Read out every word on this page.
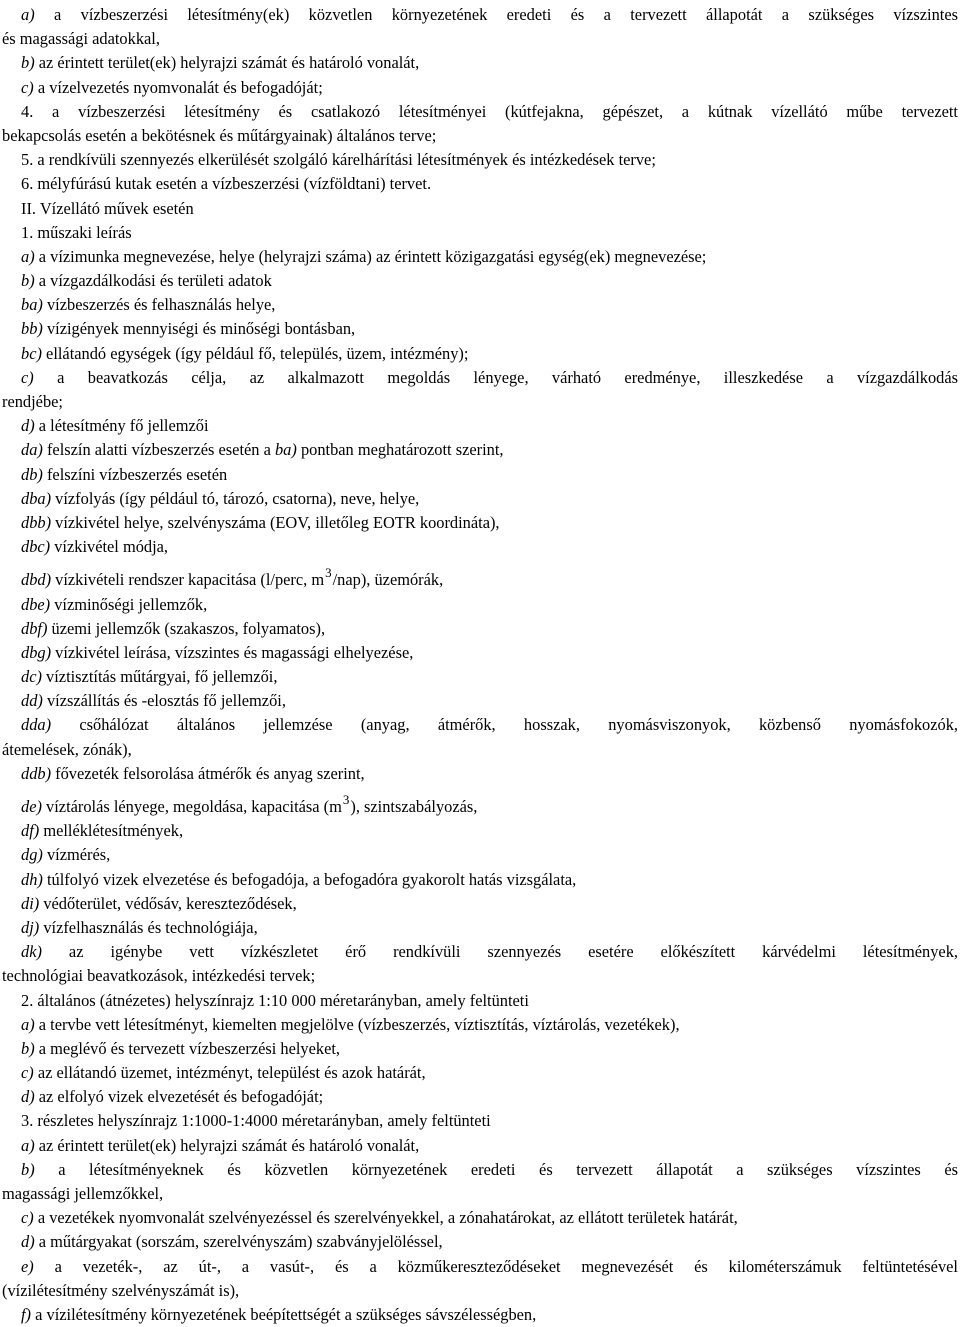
a) a vízbeszerzési létesítmény(ek) közvetlen környezetének eredeti és a tervezett állapotát a szükséges vízszintes
és magassági adatokkal,
b) az érintett terület(ek) helyrajzi számát és határoló vonalát,
c) a vízelvezetés nyomvonalát és befogadóját;
4. a vízbeszerzési létesítmény és csatlakozó létesítményei (kútfejakna, gépészet, a kútnak vízellátó műbe tervezett
bekapcsolás esetén a bekötésnek és műtárgyainak) általános terve;
5. a rendkívüli szennyezés elkerülését szolgáló kárelhárítási létesítmények és intézkedések terve;
6. mélyfúrású kutak esetén a vízbeszerzési (vízföldtani) tervet.
II. Vízellátó művek esetén
1. műszaki leírás
a) a vízimunka megnevezése, helye (helyrajzi száma) az érintett közigazgatási egység(ek) megnevezése;
b) a vízgazdálkodási és területi adatok
ba) vízbeszerzés és felhasználás helye,
bb) vízigények mennyiségi és minőségi bontásban,
bc) ellátandó egységek (így például fő, település, üzem, intézmény);
c) a beavatkozás célja, az alkalmazott megoldás lényege, várható eredménye, illeszkedése a vízgazdálkodás
rendjébe;
d) a létesítmény fő jellemzői
da) felszín alatti vízbeszerzés esetén a ba) pontban meghatározott szerint,
db) felszíni vízbeszerzés esetén
dba) vízfolyás (így például tó, tározó, csatorna), neve, helye,
dbb) vízkivétel helye, szelvényszáma (EOV, illetőleg EOTR koordináta),
dbc) vízkivétel módja,
dbd) vízkivételi rendszer kapacitása (l/perc, $m^3/nap$), üzemórák,
dbe) vízminőségi jellemzők,
dbf) üzemi jellemzők (szakaszos, folyamatos),
dbg) vízkivétel leírása, vízszintes és magassági elhelyezése,
dc) víztisztítás műtárgyai, fő jellemzői,
dd) vízszállítás és -elosztás fő jellemzői,
dda) csőhálózat általános jellemzése (anyag, átmérők, hosszak, nyomásviszonyok, közbenső nyomásfokozók,
átemelések, zónák),
ddb) fővezeték felsorolása átmérők és anyag szerint,
de) víztárolás lényege, megoldása, kapacitása $(m^3)$, szintszabályozás,
df) melléklétesítmények,
dg) vízmérés,
dh) túlfolyó vizek elvezetése és befogadója, a befogadóra gyakorolt hatás vizsgálata,
di) védőterület, védősáv, kereszteződések,
dj) vízfelhasználás és technológiája,
dk) az igénybe vett vízkészletet érő rendkívüli szennyezés esetére előkészített kárvédelmi létesítmények,
technológiai beavatkozások, intézkedési tervek;
2. általános (átnézetes) helyszínrajz 1:10 000 méretarányban, amely feltünteti
a) a tervbe vett létesítményt, kiemelten megjelölve (vízbeszerzés, víztisztítás, víztárolás, vezetékek),
b) a meglévő és tervezett vízbeszerzési helyeket,
c) az ellátandó üzemet, intézményt, települést és azok határát,
d) az elfolyó vizek elvezetését és befogadóját;
3. részletes helyszínrajz 1:1000-1:4000 méretarányban, amely feltünteti
a) az érintett terület(ek) helyrajzi számát és határoló vonalát,
b) a létesítményeknek és közvetlen környezetének eredeti és tervezett állapotát a szükséges vízszintes és
magassági jellemzőkkel,
c) a vezetékek nyomvonalát szelvényezéssel és szerelvényekkel, a zónahatárokat, az ellátott területek határát,
d) a műtárgyakat (sorszám, szerelvényszám) szabványjelöléssel,
e) a vezeték-, az út-, a vasút-, és a közműkereszteződéseket megnevezését és kilométerszámuk feltüntetésével
(vízilétesítmény szelvényszámát is),
f) a vízilétesítmény környezetének beépítettségét a szükséges sávszélességben,
